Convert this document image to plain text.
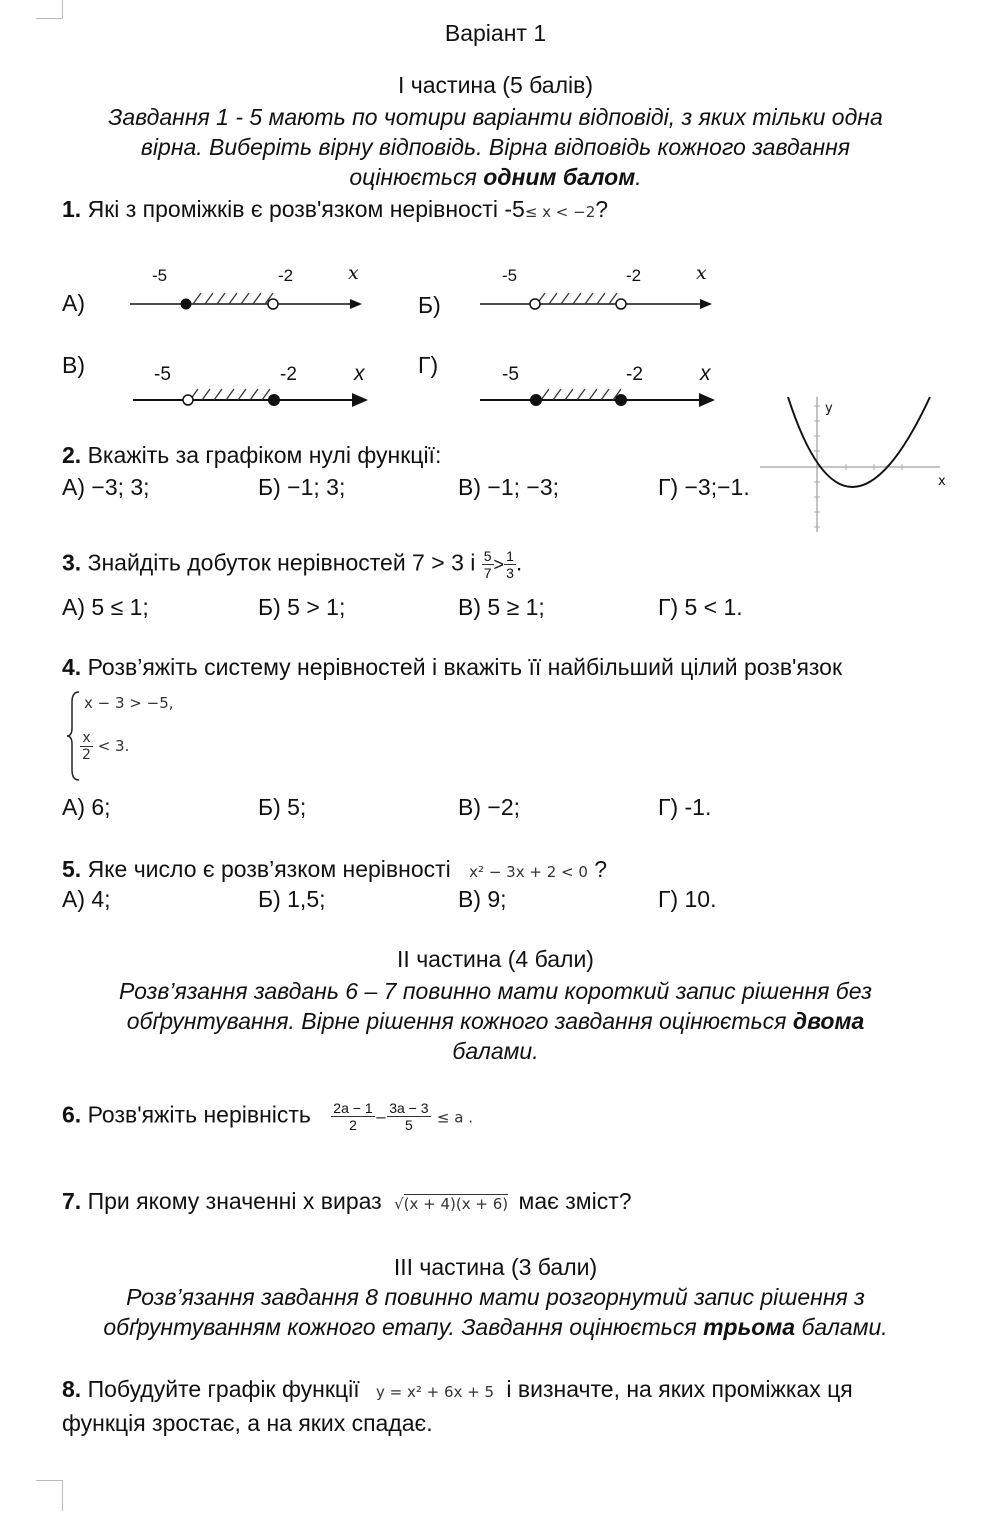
Варіант 1
І частина (5 балів)
Завдання 1 - 5 мають по чотири варіанти відповіді, з яких тільки одна
вірна. Виберіть вірну відповідь. Вірна відповідь кожного завдання
оцінюється одним балом.
1. Які з проміжків є розв'язком нерівності -5≤ x < −2?
А)
-5	-2	x
Б)
-5	-2	x
В)	-5	-2	x Г)	-5	-2	x
2. Вкажіть за графіком нулі функції:
А) −3; 3;	Б) −1; 3;	В) −1; −3;	Г) −3;−1.
y
x
3. Знайдіть добуток нерівностей 7 > 3 і $\frac{5}{7} > \frac{1}{3}$ .
А) 5 ≤ 1;	Б) 5 > 1;	В) 5 ≥ 1;	Г) 5 < 1.
4. Розв’яжіть систему нерівностей і вкажіть її найбільший цілий розв'язок
x − 3 > −5,
$\frac{x}{2} < 3$.
А) 6;	Б) 5;	В) −2;	Г) -1.
5. Яке число є розв’язком нерівності x² − 3x + 2 < 0 ?
А) 4;	Б) 1,5;	В) 9;	Г) 10.
ІІ частина (4 бали)
Розв’язання завдань 6 – 7 повинно мати короткий запис рішення без
обґрунтування. Вірне рішення кожного завдання оцінюється двома
балами.
6. Розв'яжіть нерівність $\frac{2a - 1}{2} - \frac{3a - 3}{5} \le a$ .
7. При якому значенні х вираз √(x + 4)(x + 6) має зміст?
ІІІ частина (3 бали)
Розв’язання завдання 8 повинно мати розгорнутий запис рішення з
обґрунтуванням кожного етапу. Завдання оцінюється трьома балами.
8. Побудуйте графік функції y = x² + 6x + 5 і визначте, на яких проміжках ця
функція зростає, а на яких спадає.
